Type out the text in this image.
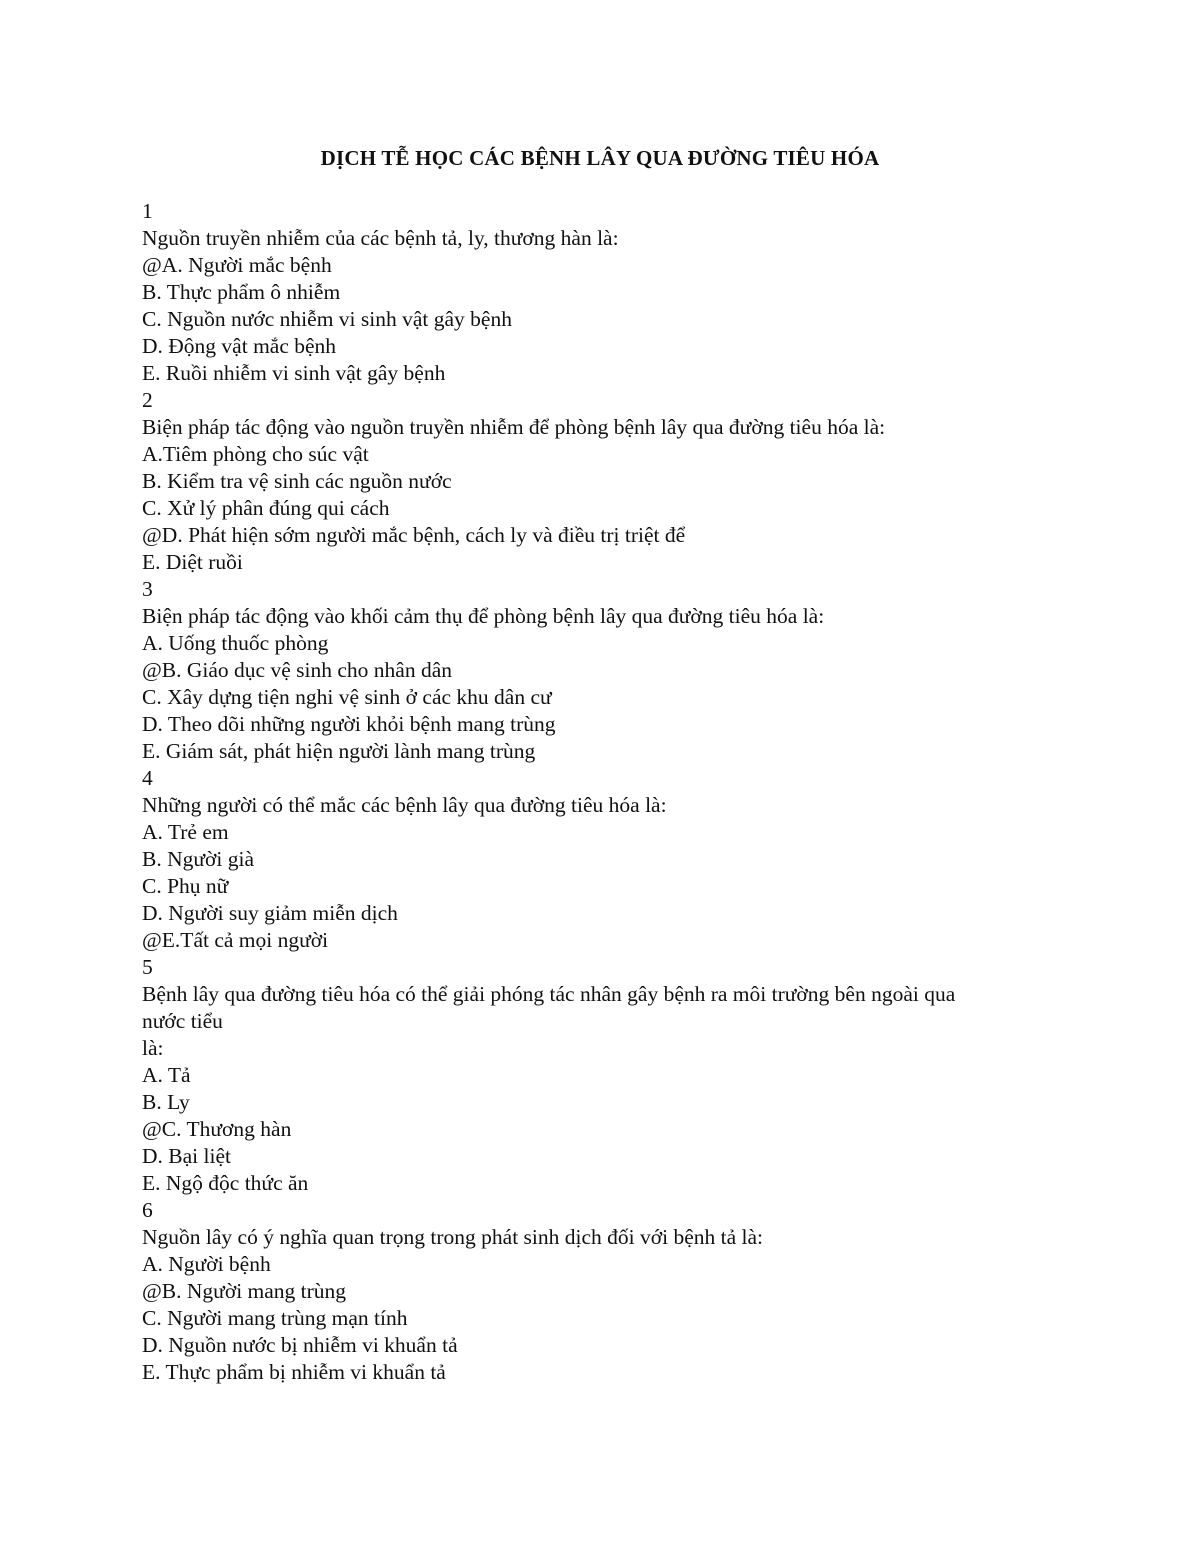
DỊCH TỄ HỌC CÁC BỆNH LÂY QUA ĐƯỜNG TIÊU HÓA
1
Nguồn truyền nhiễm của các bệnh tả, ly, thương hàn là:
@A. Người mắc bệnh
B. Thực phẩm ô nhiễm
C. Nguồn nước nhiễm vi sinh vật gây bệnh
D. Động vật mắc bệnh
E. Ruồi nhiễm vi sinh vật gây bệnh
2
Biện pháp tác động vào nguồn truyền nhiễm để phòng bệnh lây qua đường tiêu hóa là:
A.Tiêm phòng cho súc vật
B. Kiểm tra vệ sinh các nguồn nước
C. Xử lý phân đúng qui cách
@D. Phát hiện sớm người mắc bệnh, cách ly và điều trị triệt để
E. Diệt ruồi
3
Biện pháp tác động vào khối cảm thụ để phòng bệnh lây qua đường tiêu hóa là:
A. Uống thuốc phòng
@B. Giáo dục vệ sinh cho nhân dân
C. Xây dựng tiện nghi vệ sinh ở các khu dân cư
D. Theo dõi những người khỏi bệnh mang trùng
E. Giám sát, phát hiện người lành mang trùng
4
Những người có thể mắc các bệnh lây qua đường tiêu hóa là:
A. Trẻ em
B. Người già
C. Phụ nữ
D. Người suy giảm miễn dịch
@E.Tất cả mọi người
5
Bệnh lây qua đường tiêu hóa có thể giải phóng tác nhân gây bệnh ra môi trường bên ngoài qua
nước tiểu
là:
A. Tả
B. Ly
@C. Thương hàn
D. Bại liệt
E. Ngộ độc thức ăn
6
Nguồn lây có ý nghĩa quan trọng trong phát sinh dịch đối với bệnh tả là:
A. Người bệnh
@B. Người mang trùng
C. Người mang trùng mạn tính
D. Nguồn nước bị nhiễm vi khuẩn tả
E. Thực phẩm bị nhiễm vi khuẩn tả
